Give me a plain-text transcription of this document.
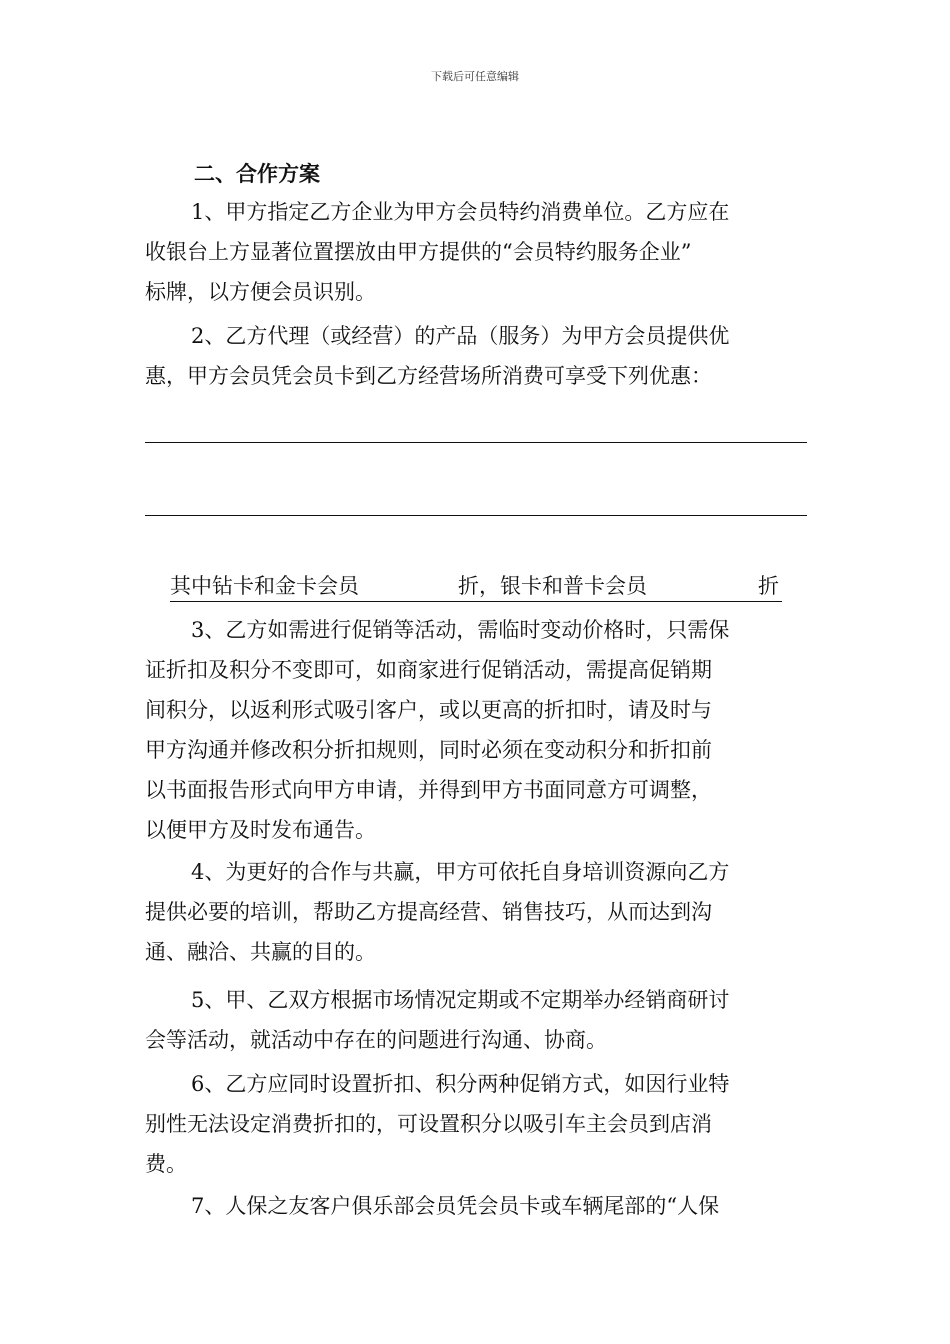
下载后可任意编辑
二、合作方案

1、甲方指定乙方企业为甲方会员特约消费单位。乙方应在
收银台上方显著位置摆放由甲方提供的“会员特约服务企业”
标牌，以方便会员识别。

2、乙方代理（或经营）的产品（服务）为甲方会员提供优
惠，甲方会员凭会员卡到乙方经营场所消费可享受下列优惠：

其中钻卡和金卡会员	折，银卡和普卡会员	折

3、乙方如需进行促销等活动，需临时变动价格时，只需保
证折扣及积分不变即可，如商家进行促销活动，需提高促销期
间积分，以返利形式吸引客户，或以更高的折扣时，请及时与
甲方沟通并修改积分折扣规则，同时必须在变动积分和折扣前
以书面报告形式向甲方申请，并得到甲方书面同意方可调整，
以便甲方及时发布通告。

4、为更好的合作与共赢，甲方可依托自身培训资源向乙方
提供必要的培训，帮助乙方提高经营、销售技巧，从而达到沟
通、融洽、共赢的目的。

5、甲、乙双方根据市场情况定期或不定期举办经销商研讨
会等活动，就活动中存在的问题进行沟通、协商。

6、乙方应同时设置折扣、积分两种促销方式，如因行业特
别性无法设定消费折扣的，可设置积分以吸引车主会员到店消
费。

7、人保之友客户俱乐部会员凭会员卡或车辆尾部的“人保
